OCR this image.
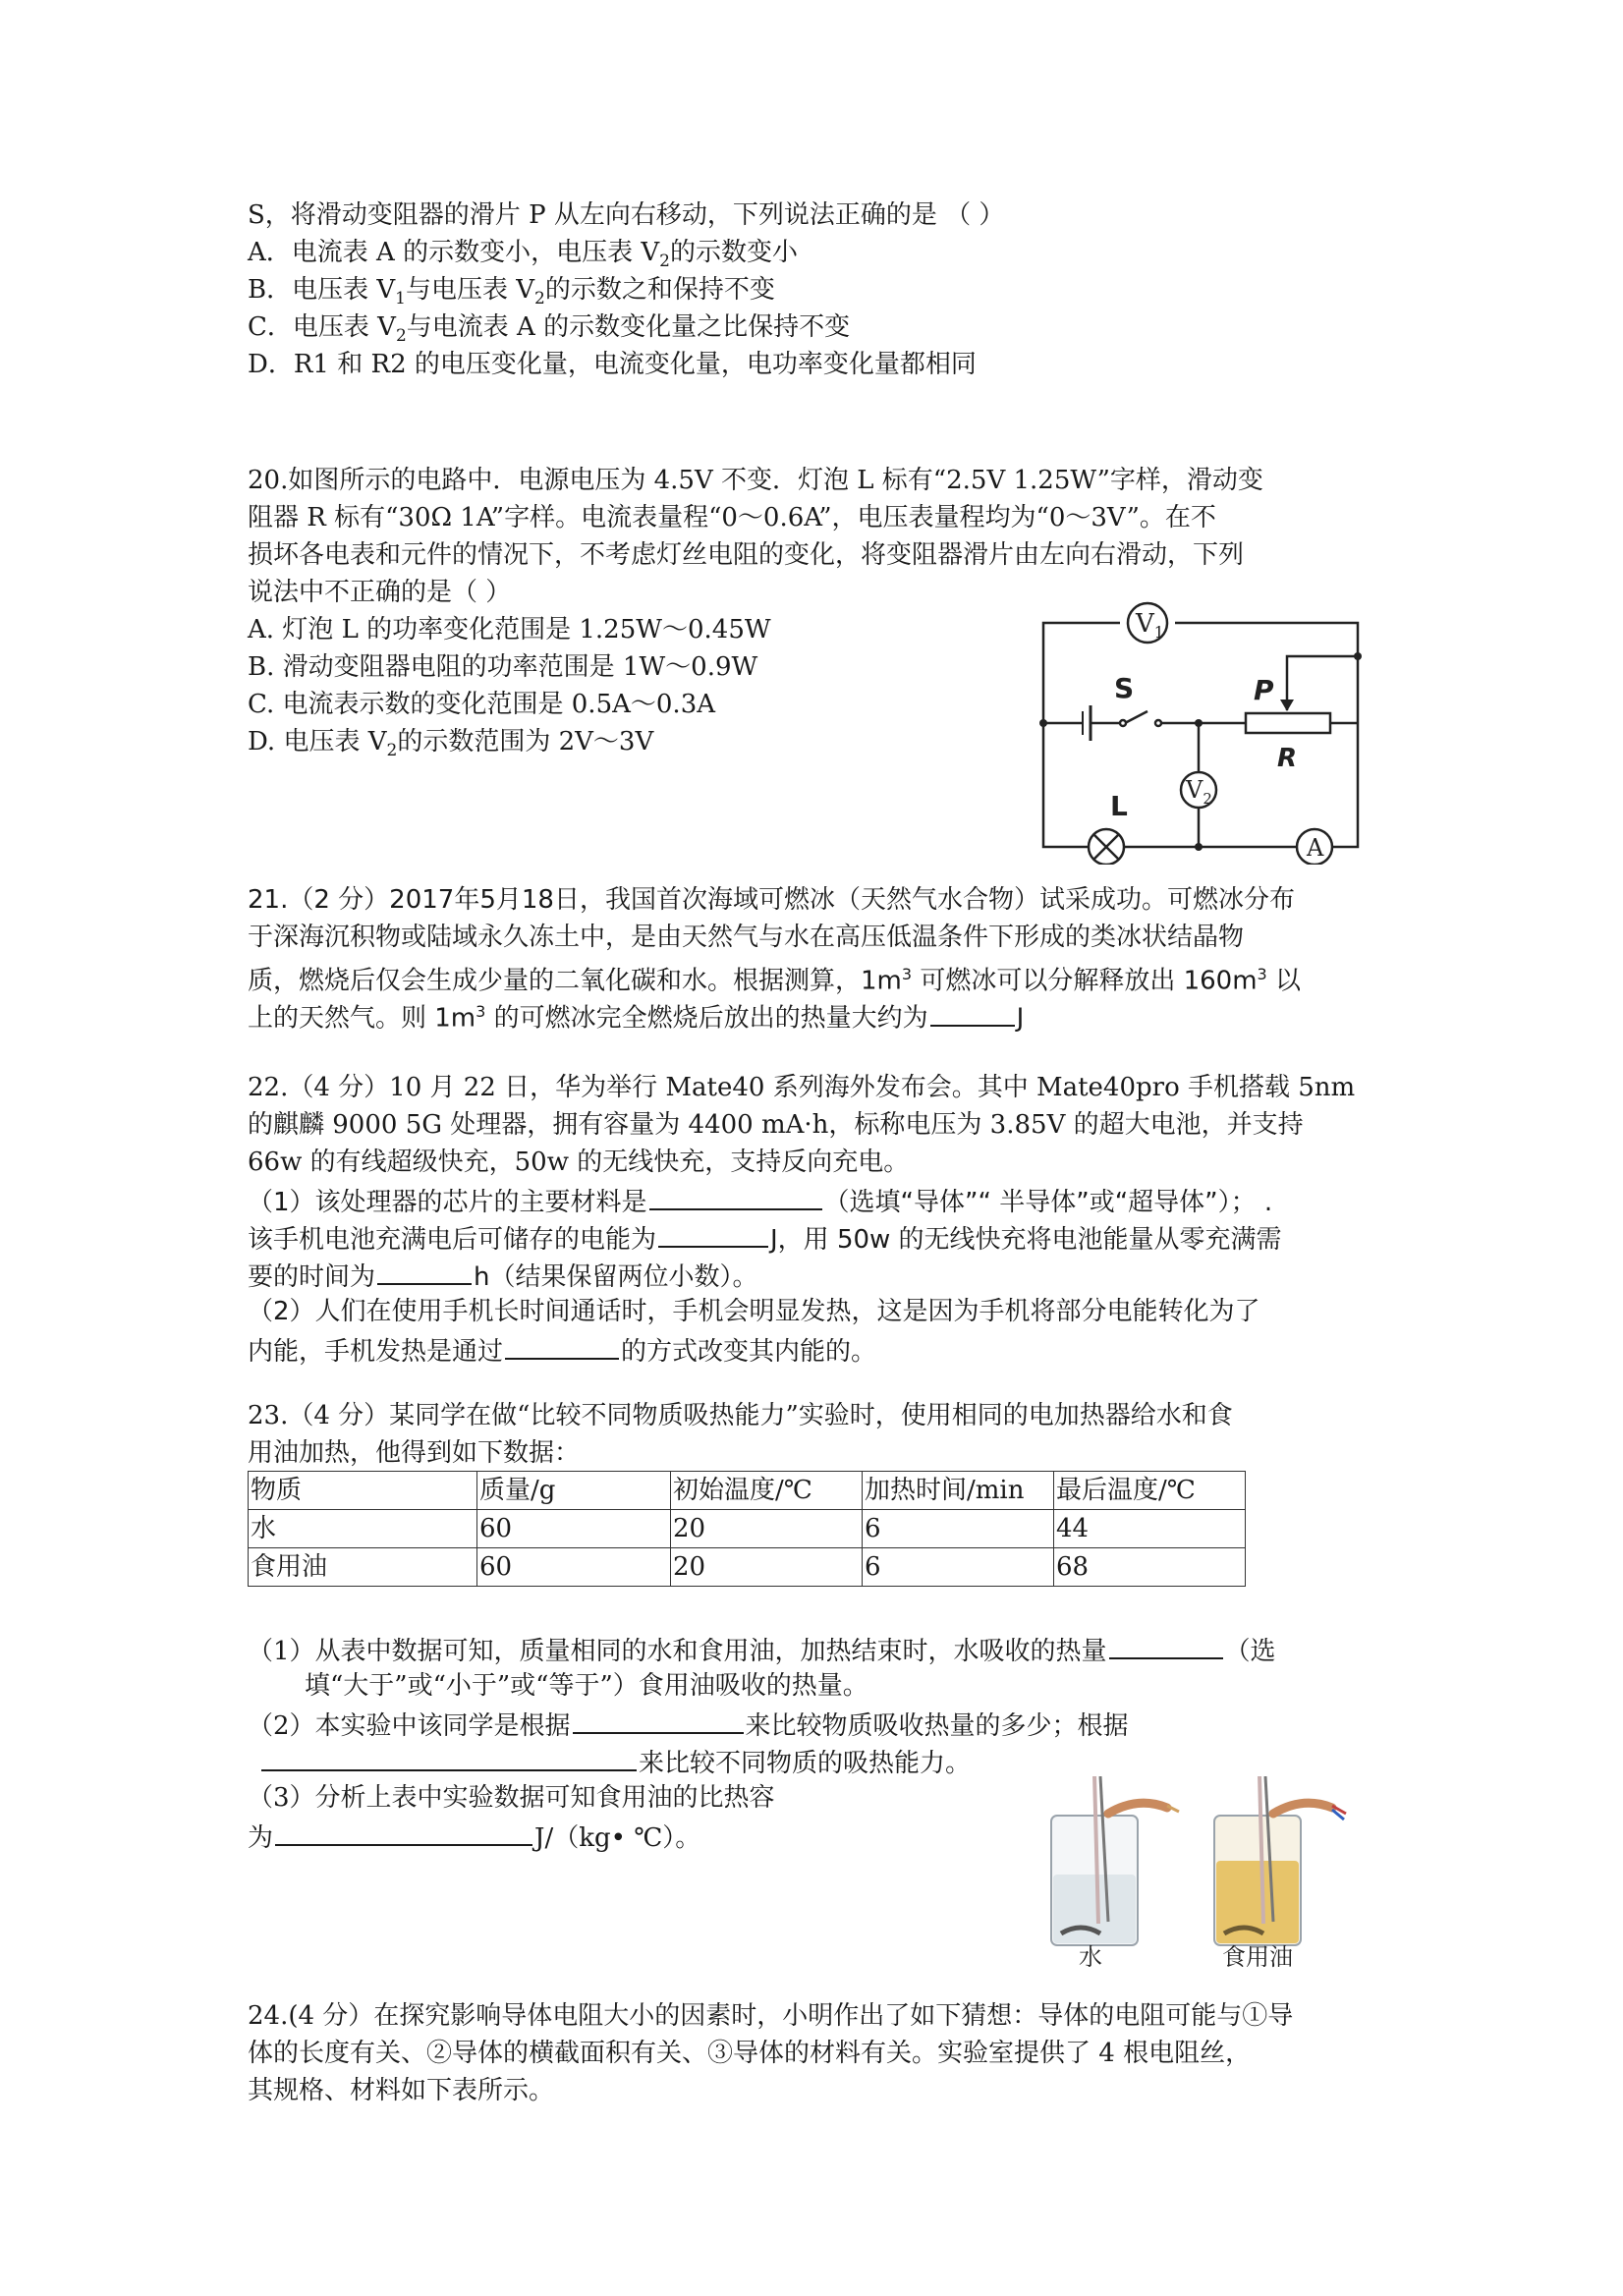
S，将滑动变阻器的滑片 P 从左向右移动，下列说法正确的是 （ ）
A．电流表 A 的示数变小，电压表 $V_2$的示数变小
B．电压表 $V_1$与电压表 $V_2$的示数之和保持不变
C．电压表 $V_2$与电流表 A 的示数变化量之比保持不变
D．R1 和 R2 的电压变化量，电流变化量，电功率变化量都相同
20.如图所示的电路中．电源电压为 4.5V 不变．灯泡 L 标有“2.5V 1.25W”字样，滑动变
阻器 R 标有“30Ω 1A”字样。电流表量程“0～0.6A”，电压表量程均为“0～3V”。在不
损坏各电表和元件的情况下，不考虑灯丝电阻的变化，将变阻器滑片由左向右滑动，下列
说法中不正确的是（ ）
A. 灯泡 L 的功率变化范围是 1.25W～0.45W
B. 滑动变阻器电阻的功率范围是 1W～0.9W
C. 电流表示数的变化范围是 0.5A～0.3A
D. 电压表 $V_2$的示数范围为 2V～3V
$V_1$
$V_2$
A
S	P
R
L
21.（2 分）2017年5月18日，我国首次海域可燃冰（天然气水合物）试采成功。可燃冰分布
于深海沉积物或陆域永久冻土中，是由天然气与水在高压低温条件下形成的类冰状结晶物
质，燃烧后仅会生成少量的二氧化碳和水。根据测算，$1m^3$ 可燃冰可以分解释放出 $160m^3$ 以
上的天然气。则 $1m^3$ 的可燃冰完全燃烧后放出的热量大约为	J
22.（4 分）10 月 22 日，华为举行 Mate40 系列海外发布会。其中 Mate40pro 手机搭载 5nm
的麒麟 9000 5G 处理器，拥有容量为 4400 mA·h，标称电压为 3.85V 的超大电池，并支持
66w 的有线超级快充，50w 的无线快充，支持反向充电。
（1）该处理器的芯片的主要材料是	（选填“导体”“ 半导体”或“超导体”）； .
该手机电池充满电后可储存的电能为	J，用 50w 的无线快充将电池能量从零充满需
要的时间为	h（结果保留两位小数）。
（2）人们在使用手机长时间通话时，手机会明显发热，这是因为手机将部分电能转化为了
内能，手机发热是通过	的方式改变其内能的。
23.（4 分）某同学在做“比较不同物质吸热能力”实验时，使用相同的电加热器给水和食
用油加热，他得到如下数据：
物质	质量/g	初始温度/℃	加热时间/min	最后温度/℃
水	60	20	6	44
食用油	60	20	6	68
（1）从表中数据可知，质量相同的水和食用油，加热结束时，水吸收的热量	（选
填“大于”或“小于”或“等于”）食用油吸收的热量。
（2）本实验中该同学是根据	来比较物质吸收热量的多少；根据
来比较不同物质的吸热能力。
（3）分析上表中实验数据可知食用油的比热容
为	J/（kg• ℃）。
水	食用油
24.(4 分）在探究影响导体电阻大小的因素时，小明作出了如下猜想：导体的电阻可能与①导
体的长度有关、②导体的横截面积有关、③导体的材料有关。实验室提供了 4 根电阻丝，
其规格、材料如下表所示。
